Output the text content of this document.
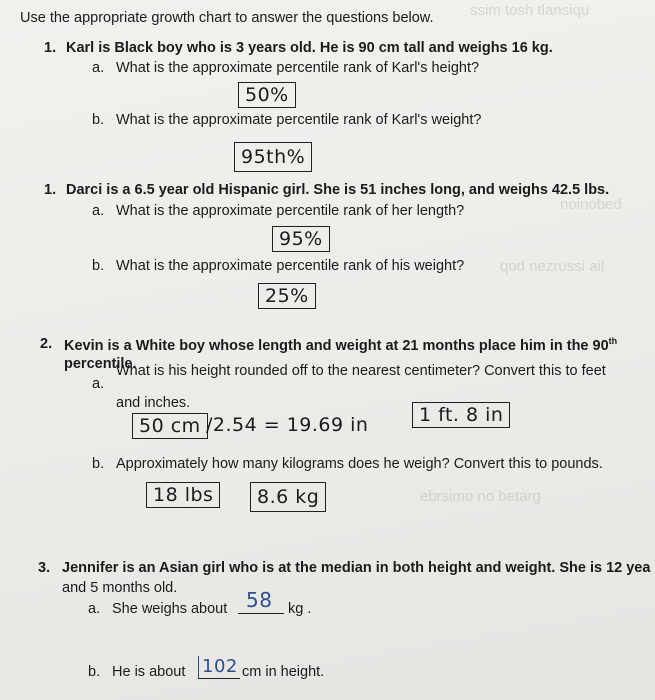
ssim tosh tlansiqu
noinobed
qod nezrussi ail
ebrsimo no betarg
Use the appropriate growth chart to answer the questions below.
1. Karl is Black boy who is 3 years old. He is 90 cm tall and weighs 16 kg.
a. What is the approximate percentile rank of Karl's height?
50%
b. What is the approximate percentile rank of Karl's weight?
95th%
1. Darci is a 6.5 year old Hispanic girl. She is 51 inches long, and weighs 42.5 lbs.
a. What is the approximate percentile rank of her length?
95%
b. What is the approximate percentile rank of his weight?
25%
2. Kevin is a White boy whose length and weight at 21 months place him in the 90th
percentile.
a.
What is his height rounded off to the nearest centimeter? Convert this to feet
and inches.
50 cm /2.54 = 19.69 in	1 ft. 8 in
b. Approximately how many kilograms does he weigh? Convert this to pounds.
18 lbs	8.6 kg
3. Jennifer is an Asian girl who is at the median in both height and weight. She is 12 yea
and 5 months old.
a. She weighs about 58 kg .
b. He is about 102 cm in height.
